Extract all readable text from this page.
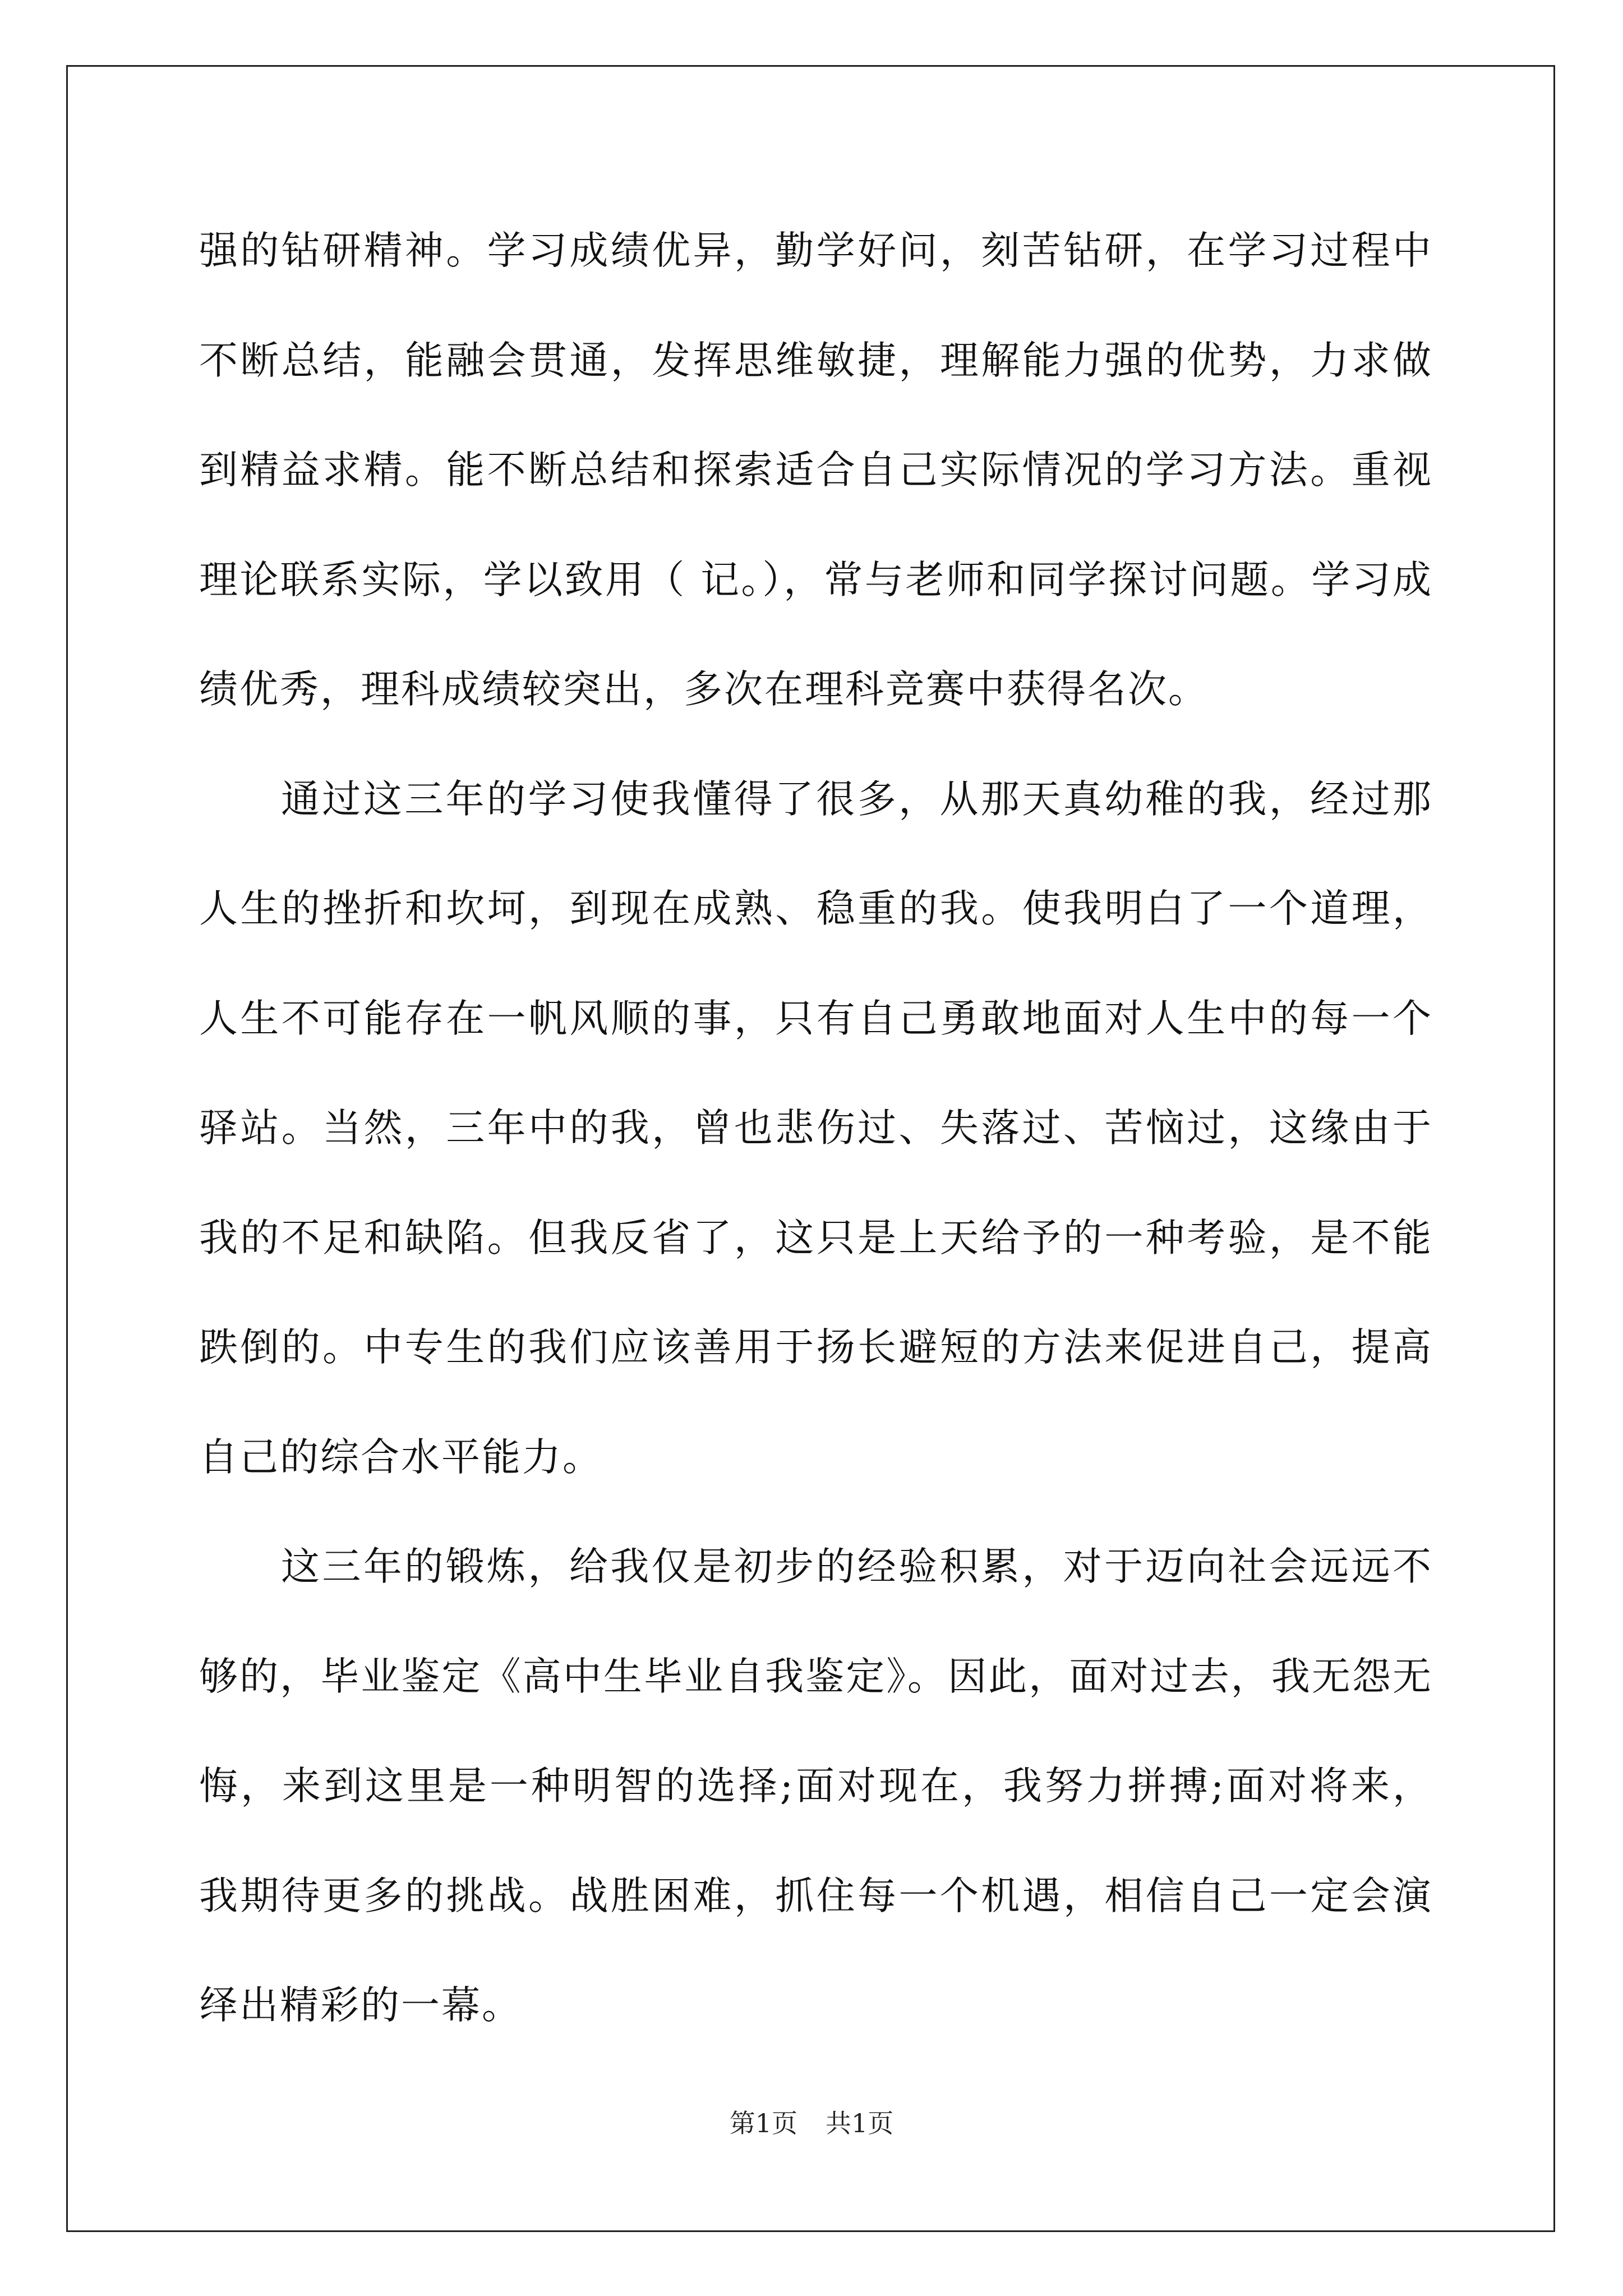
强的钻研精神。学习成绩优异，勤学好问，刻苦钻研，在学习过程中不断总结，能融会贯通，发挥思维敏捷，理解能力强的优势，力求做到精益求精。能不断总结和探索适合自己实际情况的学习方法。重视理论联系实际，学以致用（ 记。），常与老师和同学探讨问题。学习成绩优秀，理科成绩较突出，多次在理科竞赛中获得名次。

通过这三年的学习使我懂得了很多，从那天真幼稚的我，经过那人生的挫折和坎坷，到现在成熟、稳重的我。使我明白了一个道理，人生不可能存在一帆风顺的事，只有自己勇敢地面对人生中的每一个驿站。当然，三年中的我，曾也悲伤过、失落过、苦恼过，这缘由于我的不足和缺陷。但我反省了，这只是上天给予的一种考验，是不能跌倒的。中专生的我们应该善用于扬长避短的方法来促进自己，提高自己的综合水平能力。

这三年的锻炼，给我仅是初步的经验积累，对于迈向社会远远不够的，毕业鉴定《高中生毕业自我鉴定》。因此，面对过去，我无怨无悔，来到这里是一种明智的选择;面对现在，我努力拼搏;面对将来，我期待更多的挑战。战胜困难，抓住每一个机遇，相信自己一定会演绎出精彩的一幕。

第1页 共1页
